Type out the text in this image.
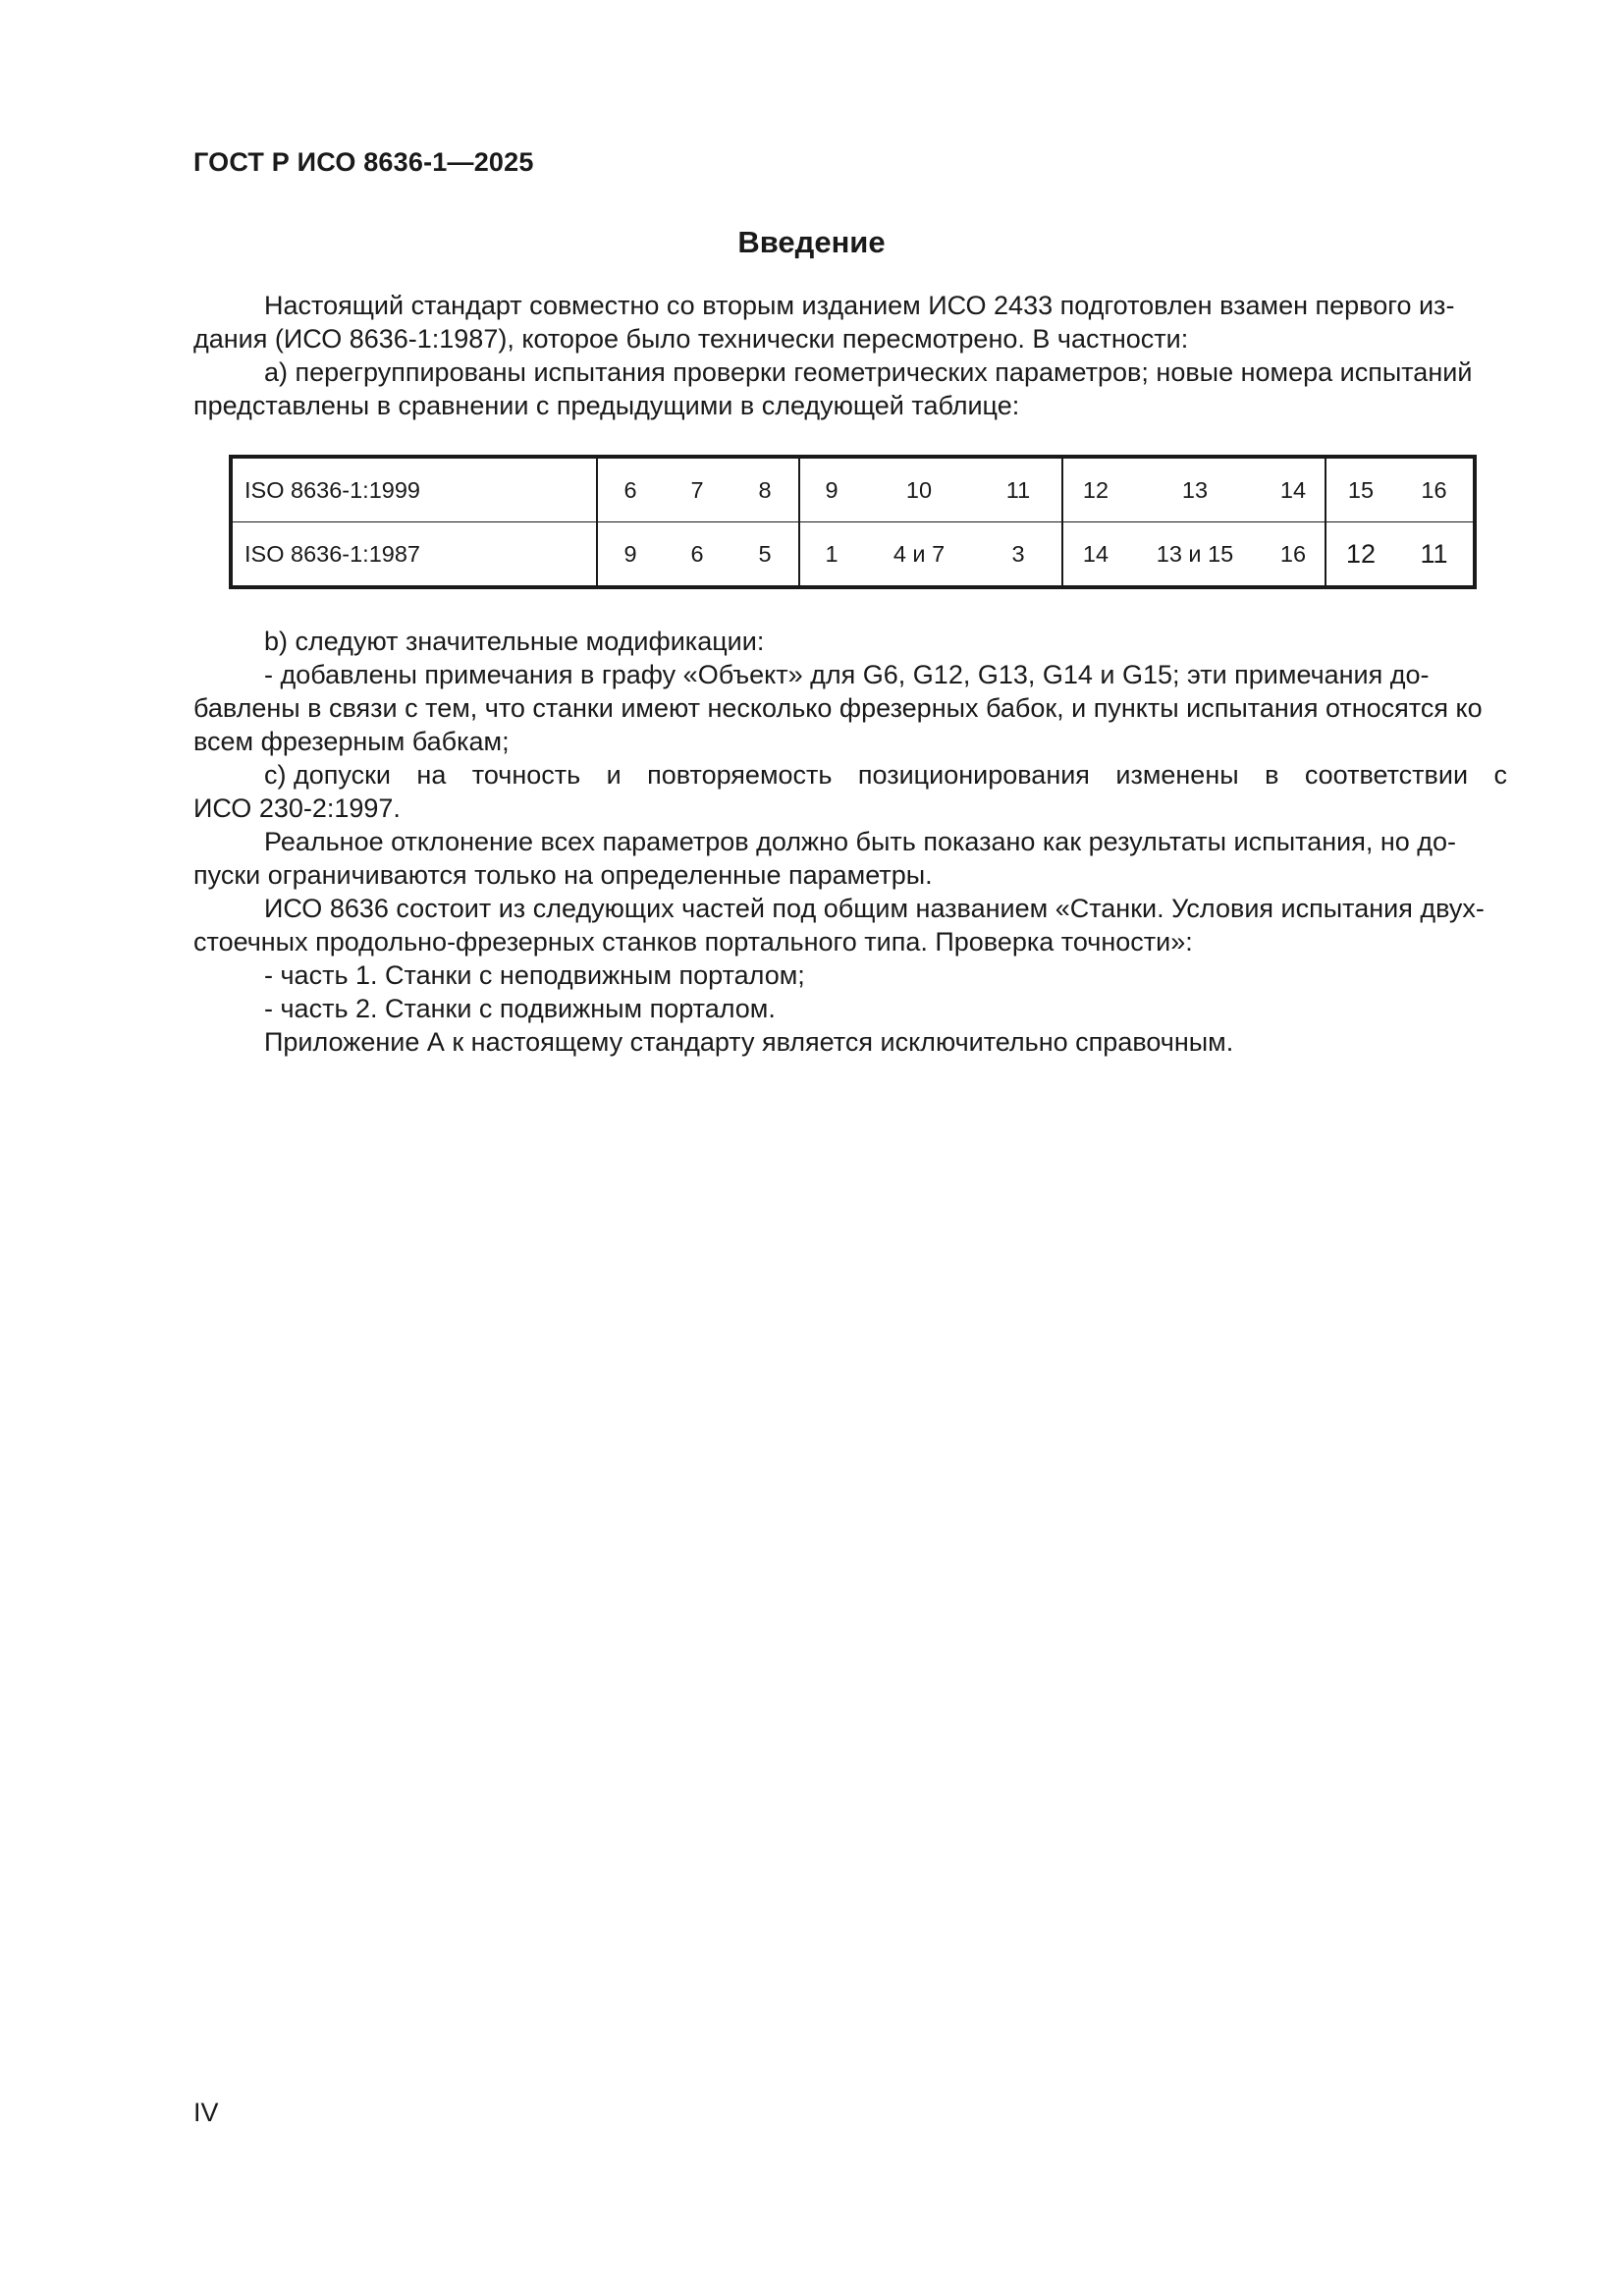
ГОСТ Р ИСО 8636-1—2025
Введение
Настоящий стандарт совместно со вторым изданием ИСО 2433 подготовлен взамен первого из-
дания (ИСО 8636-1:1987), которое было технически пересмотрено. В частности:
а) перегруппированы испытания проверки геометрических параметров; новые номера испытаний
представлены в сравнении с предыдущими в следующей таблице:
ISO 8636-1:1999	6	7	8	9	10	11	12	13	14	15	16
ISO 8636-1:1987	9	6	5	1	4 и 7	3	14	13 и 15	16	12	11
b) следуют значительные модификации:
- добавлены примечания в графу «Объект» для G6, G12, G13, G14 и G15; эти примечания до-
бавлены в связи с тем, что станки имеют несколько фрезерных бабок, и пункты испытания относятся ко
всем фрезерным бабкам;
c) допуски на точность и повторяемость позиционирования изменены в соответствии с
ИСО 230-2:1997.
Реальное отклонение всех параметров должно быть показано как результаты испытания, но до-
пуски ограничиваются только на определенные параметры.
ИСО 8636 состоит из следующих частей под общим названием «Станки. Условия испытания двух-
стоечных продольно-фрезерных станков портального типа. Проверка точности»:
- часть 1. Станки с неподвижным порталом;
- часть 2. Станки с подвижным порталом.
Приложение А к настоящему стандарту является исключительно справочным.
IV
